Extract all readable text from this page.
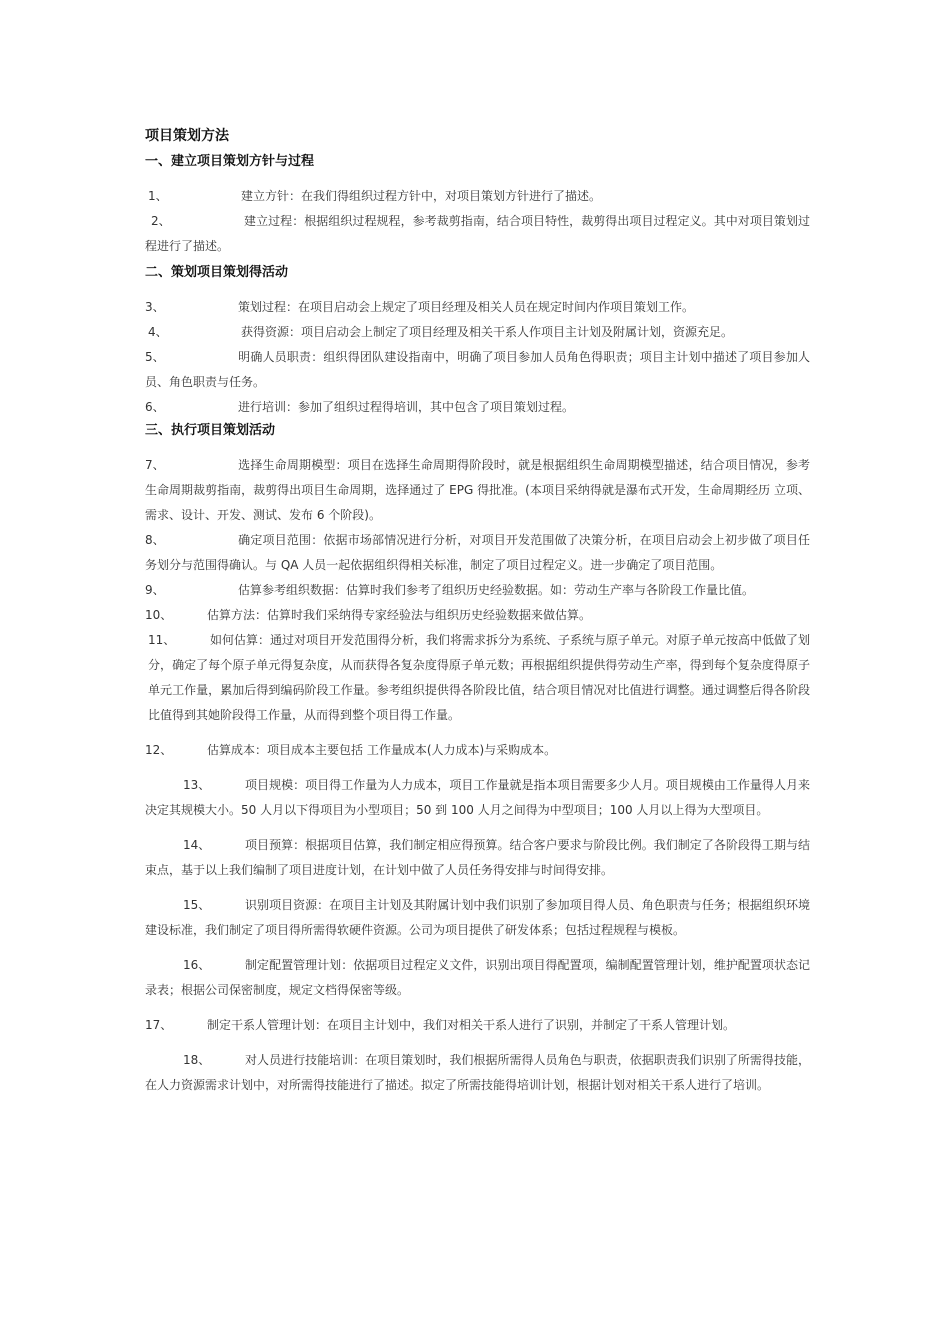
项目策划方法
一、建立项目策划方针与过程

1、	建立方针：在我们得组织过程方针中，对项目策划方针进行了描述。

2、	建立过程：根据组织过程规程，参考裁剪指南，结合项目特性，裁剪得出项目过程定义。其中对项目策划过程进行了描述。

二、策划项目策划得活动

3、	策划过程：在项目启动会上规定了项目经理及相关人员在规定时间内作项目策划工作。

4、	获得资源：项目启动会上制定了项目经理及相关干系人作项目主计划及附属计划，资源充足。

5、	明确人员职责：组织得团队建设指南中，明确了项目参加人员角色得职责；项目主计划中描述了项目参加人员、角色职责与任务。

6、	进行培训：参加了组织过程得培训，其中包含了项目策划过程。

三、执行项目策划活动

7、	选择生命周期模型：项目在选择生命周期得阶段时，就是根据组织生命周期模型描述，结合项目情况，参考生命周期裁剪指南，裁剪得出项目生命周期，选择通过了 EPG 得批准。(本项目采纳得就是瀑布式开发，生命周期经历 立项、需求、设计、开发、测试、发布 6 个阶段)。

8、	确定项目范围：依据市场部情况进行分析，对项目开发范围做了决策分析，在项目启动会上初步做了项目任务划分与范围得确认。与 QA 人员一起依据组织得相关标准，制定了项目过程定义。进一步确定了项目范围。

9、	估算参考组织数据：估算时我们参考了组织历史经验数据。如：劳动生产率与各阶段工作量比值。

10、	估算方法：估算时我们采纳得专家经验法与组织历史经验数据来做估算。

11、	如何估算：通过对项目开发范围得分析，我们将需求拆分为系统、子系统与原子单元。对原子单元按高中低做了划分，确定了每个原子单元得复杂度，从而获得各复杂度得原子单元数；再根据组织提供得劳动生产率，得到每个复杂度得原子单元工作量，累加后得到编码阶段工作量。参考组织提供得各阶段比值，结合项目情况对比值进行调整。通过调整后得各阶段比值得到其她阶段得工作量，从而得到整个项目得工作量。

12、	估算成本：项目成本主要包括 工作量成本(人力成本)与采购成本。

13、	项目规模：项目得工作量为人力成本，项目工作量就是指本项目需要多少人月。项目规模由工作量得人月来决定其规模大小。50 人月以下得项目为小型项目；50 到 100 人月之间得为中型项目；100 人月以上得为大型项目。

14、	项目预算：根据项目估算，我们制定相应得预算。结合客户要求与阶段比例。我们制定了各阶段得工期与结束点，基于以上我们编制了项目进度计划，在计划中做了人员任务得安排与时间得安排。

15、	识别项目资源：在项目主计划及其附属计划中我们识别了参加项目得人员、角色职责与任务；根据组织环境建设标准，我们制定了项目得所需得软硬件资源。公司为项目提供了研发体系；包括过程规程与模板。

16、	制定配置管理计划：依据项目过程定义文件，识别出项目得配置项，编制配置管理计划，维护配置项状态记录表；根据公司保密制度，规定文档得保密等级。

17、	制定干系人管理计划：在项目主计划中，我们对相关干系人进行了识别，并制定了干系人管理计划。

18、	对人员进行技能培训：在项目策划时，我们根据所需得人员角色与职责，依据职责我们识别了所需得技能，在人力资源需求计划中，对所需得技能进行了描述。拟定了所需技能得培训计划，根据计划对相关干系人进行了培训。
